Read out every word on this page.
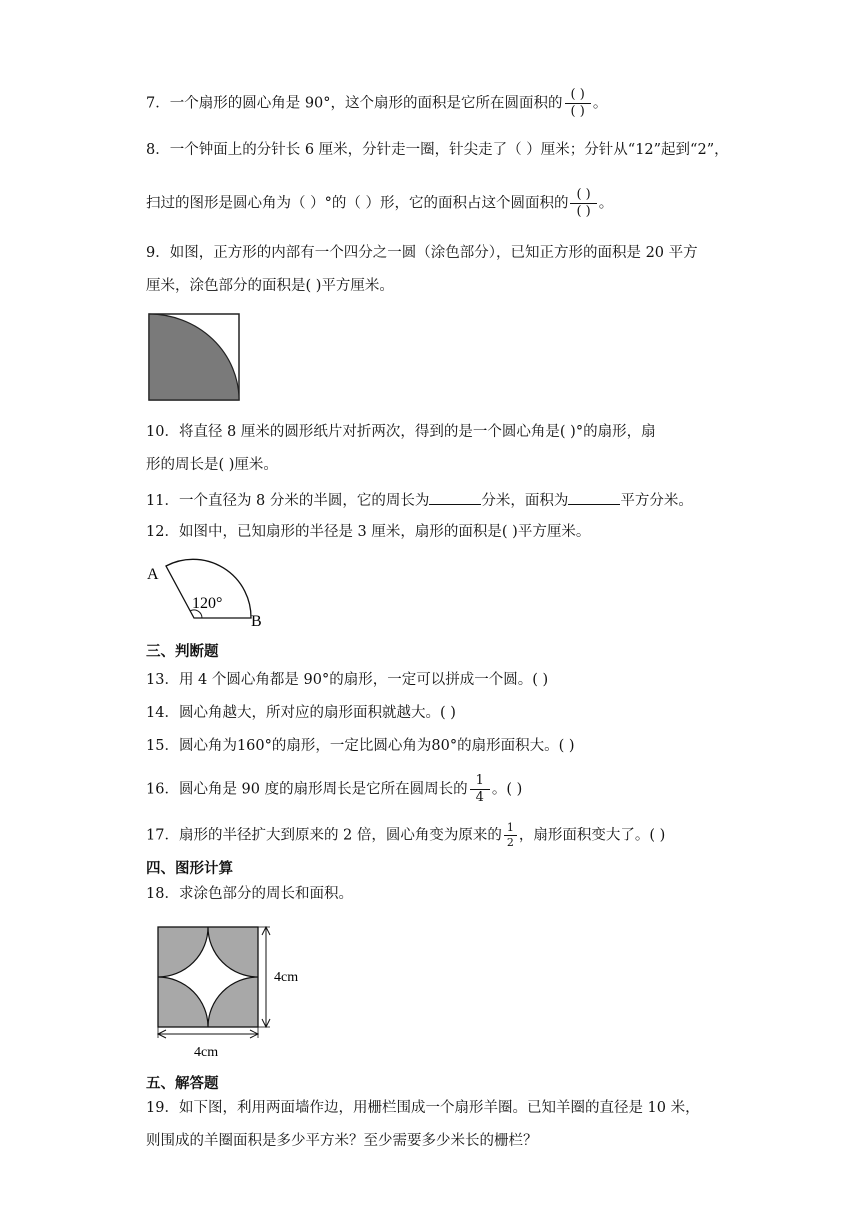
7．一个扇形的圆心角是 90°，这个扇形的面积是它所在圆面积的 $\frac{( )}{( )}$ 。
8．一个钟面上的分针长 6 厘米，分针走一圈，针尖走了（ ）厘米；分针从“12”起到“2”，
扫过的图形是圆心角为（ ）°的（ ）形，它的面积占这个圆面积的 $\frac{( )}{( )}$ 。
9．如图，正方形的内部有一个四分之一圆（涂色部分），已知正方形的面积是 20 平方
厘米，涂色部分的面积是( )平方厘米。
10．将直径 8 厘米的圆形纸片对折两次，得到的是一个圆心角是( )°的扇形，扇
形的周长是( )厘米。
11．一个直径为 8 分米的半圆，它的周长为	分米，面积为	平方分米。
12．如图中，已知扇形的半径是 3 厘米，扇形的面积是( )平方厘米。
A
B
120°
三、判断题
13．用 4 个圆心角都是 90°的扇形，一定可以拼成一个圆。( )
14．圆心角越大，所对应的扇形面积就越大。( )
15．圆心角为160°的扇形，一定比圆心角为80°的扇形面积大。( )
16．圆心角是 90 度的扇形周长是它所在圆周长的 $\frac{1}{4}$ 。( )
17．扇形的半径扩大到原来的 2 倍，圆心角变为原来的 $\frac{1}{2}$ ，扇形面积变大了。( )
四、图形计算
18．求涂色部分的周长和面积。
4cm
4cm
五、解答题
19．如下图，利用两面墙作边，用栅栏围成一个扇形羊圈。已知羊圈的直径是 10 米，
则围成的羊圈面积是多少平方米？至少需要多少米长的栅栏？
